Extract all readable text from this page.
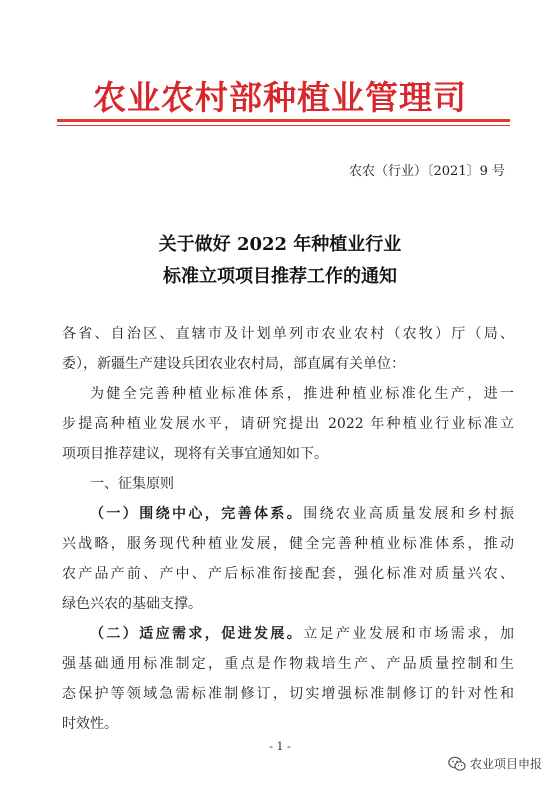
农业农村部种植业管理司
农农（行业）〔2021〕9 号
关于做好 2022 年种植业行业
标准立项项目推荐工作的通知
各省、自治区、直辖市及计划单列市农业农村（农牧）厅（局、
委），新疆生产建设兵团农业农村局，部直属有关单位：
为健全完善种植业标准体系，推进种植业标准化生产，进一
步提高种植业发展水平，请研究提出 2022 年种植业行业标准立
项项目推荐建议，现将有关事宜通知如下。
一、征集原则
（一）围绕中心，完善体系。围绕农业高质量发展和乡村振
兴战略，服务现代种植业发展，健全完善种植业标准体系，推动
农产品产前、产中、产后标准衔接配套，强化标准对质量兴农、
绿色兴农的基础支撑。
（二）适应需求，促进发展。立足产业发展和市场需求，加
强基础通用标准制定，重点是作物栽培生产、产品质量控制和生
态保护等领域急需标准制修订，切实增强标准制修订的针对性和
时效性。
- 1 -
农业项目申报
